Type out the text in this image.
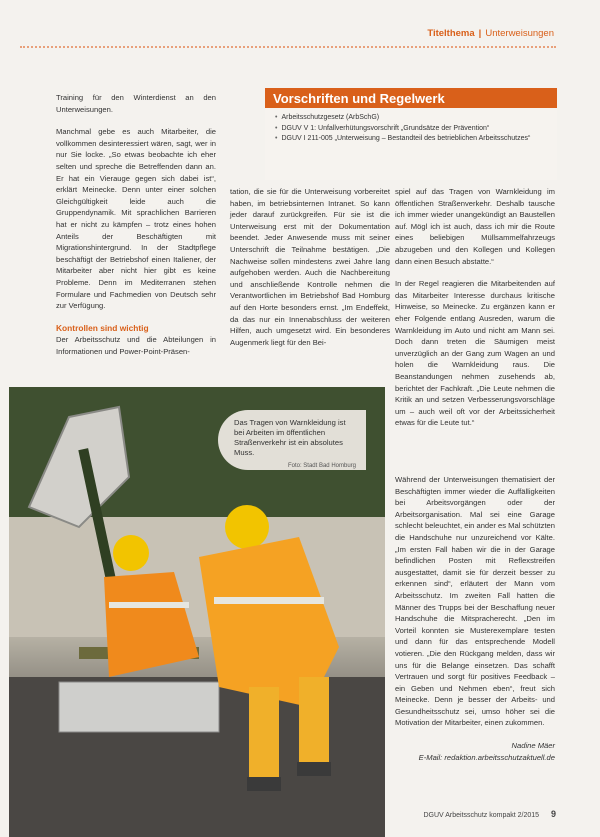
Titelthema | Unterweisungen

Training für den Winterdienst an den Unterweisungen.

Manchmal gebe es auch Mitarbeiter, die vollkommen desinteressiert wären, sagt, wer in nur Sie locke. „So etwas beobachte ich eher selten und spreche die Betreffenden dann an. Er hat ein Vierauge gegen sich dabei ist“, erklärt Meinecke. Denn unter einer solchen Gleichgültigkeit leide auch die Gruppendynamik. Mit sprachlichen Barrieren hat er nicht zu kämpfen – trotz eines hohen Anteils der Beschäftigten mit Migrationshintergrund. In der Stadtpflege beschäftigt der Betriebshof einen Italiener, der Mitarbeiter aber nicht hier gibt es keine Probleme. Denn im Mediterranen stehen Formulare und Fachmedien von Deutsch sehr zur Verfügung.

Kontrollen sind wichtig

Der Arbeitsschutz und die Abteilungen in Informationen und Power-Point-Präsen-

Vorschriften und Regelwerk
• Arbeitsschutzgesetz (ArbSchG)
• DGUV V 1: Unfallverhütungsvorschrift „Grundsätze der Prävention“
• DGUV I 211-005 „Unterweisung – Bestandteil des betrieblichen Arbeitsschutzes“

tation, die sie für die Unterweisung vorbereitet haben, im betriebsinternen Intranet. So kann jeder darauf zurückgreifen. Für sie ist die Unterweisung erst mit der Dokumentation beendet. Jeder Anwesende muss mit seiner Unterschrift die Teilnahme bestätigen. „Die Nachweise sollen mindestens zwei Jahre lang aufgehoben werden. Auch die Nachbereitung und anschließende Kontrolle nehmen die Verantwortlichen im Betriebshof Bad Homburg auf den Horte besonders ernst. „Im Endeffekt, da das nur ein Innenabschluss der weiteren Hilfen, auch umgesetzt wird. Ein besonderes Augenmerk liegt für den Bei-

spiel auf das Tragen von Warnkleidung im öffentlichen Straßenverkehr. Deshalb tausche ich immer wieder unangekündigt an Baustellen auf. Mögl ich ist auch, dass ich mir die Route eines beliebigen Müllsammelfahrzeugs abzugeben und den Kollegen und Kollegen dann einen Besuch abstatte.“

In der Regel reagieren die Mitarbeitenden auf das Mitarbeiter Interesse durchaus kritische Hinweise, so Meinecke. Zu ergänzen kann er eher Folgende entlang Ausreden, warum die Warnkleidung im Auto und nicht am Mann sei. Doch dann treten die Säumigen meist unverzüglich an der Gang zum Wagen an und holen die Warnkleidung raus. Die Beanstandungen nehmen zusehends ab, berichtet der Fachkraft. „Die Leute nehmen die Kritik an und setzen Verbesserungsvorschläge um – auch weil oft vor der Arbeitssicherheit etwas für die Leute tut.“

Während der Unterweisungen thematisiert der Beschäftigten immer wieder die Auffälligkeiten bei Arbeitsvorgängen oder der Arbeitsorganisation. Mal sei eine Garage schlecht beleuchtet, ein ander es Mal schützten die Handschuhe nur unzureichend vor Kälte. „Im ersten Fall haben wir die in der Garage befindlichen Posten mit Reflexstreifen ausgestattet, damit sie für derzeit besser zu erkennen sind“, erläutert der Mann vom Arbeitsschutz. Im zweiten Fall hatten die Männer des Trupps bei der Beschaffung neuer Handschuhe die Mitspracherecht. „Den im Vorteil konnten sie Musterexemplare testen und dann für das entsprechende Modell votieren. „Die den Rückgang melden, dass wir uns für die Belange einsetzen. Das schafft Vertrauen und sorgt für positives Feedback – ein Geben und Nehmen eben“, freut sich Meinecke. Denn je besser der Arbeits- und Gesundheitsschutz sei, umso höher sei die Motivation der Mitarbeiter, einen zukommen.

Nadine Mäer
E-Mail: redaktion.arbeitsschutzaktuell.de
Das Tragen von Warnkleidung ist bei Arbeiten im öffentlichen Straßenverkehr ist ein absolutes Muss.
Foto: Stadt Bad Homburg
DGUV Arbeitsschutz kompakt 2/2015 9
